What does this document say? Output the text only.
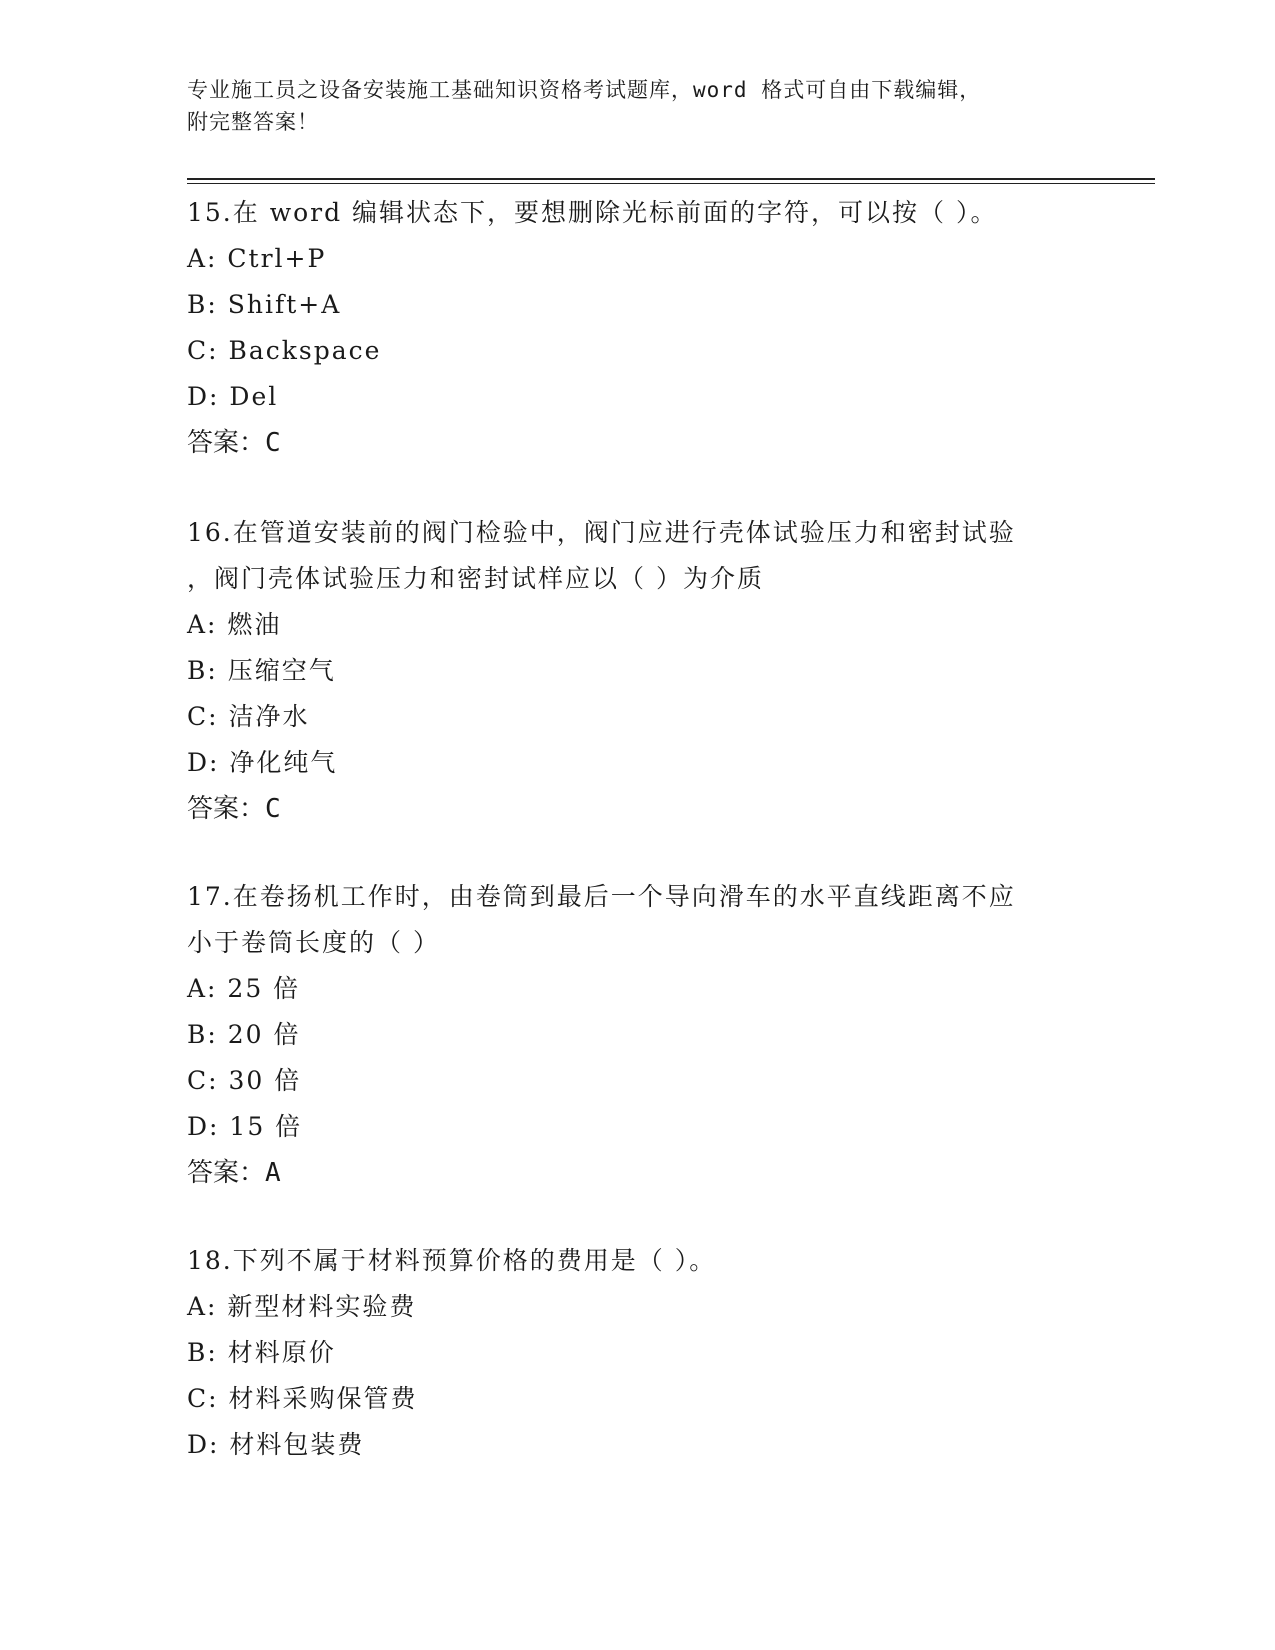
专业施工员之设备安装施工基础知识资格考试题库，word 格式可自由下载编辑，
附完整答案！
15.在 word 编辑状态下，要想删除光标前面的字符，可以按（ ）。
A: Ctrl+P
B: Shift+A
C: Backspace
D: Del
答案：C
16.在管道安装前的阀门检验中，阀门应进行壳体试验压力和密封试验
，阀门壳体试验压力和密封试样应以（ ）为介质
A: 燃油
B: 压缩空气
C: 洁净水
D: 净化纯气
答案：C
17.在卷扬机工作时，由卷筒到最后一个导向滑车的水平直线距离不应
小于卷筒长度的（ ）
A: 25 倍
B: 20 倍
C: 30 倍
D: 15 倍
答案：A
18.下列不属于材料预算价格的费用是（ ）。
A: 新型材料实验费
B: 材料原价
C: 材料采购保管费
D: 材料包装费
